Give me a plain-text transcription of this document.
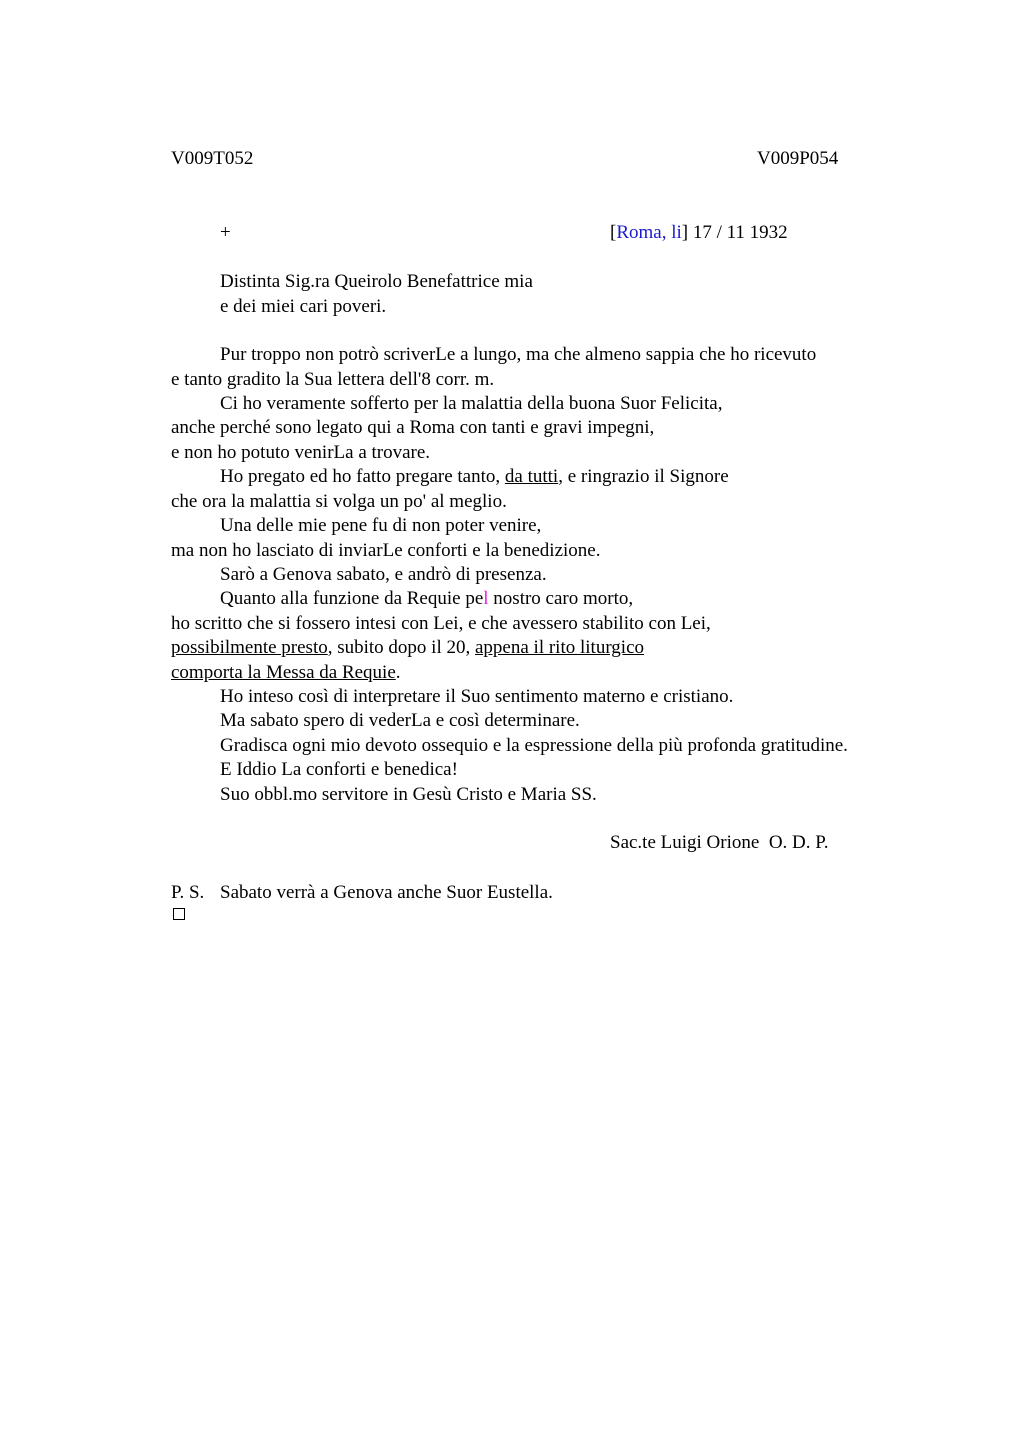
V009T052	V009P054
+	[Roma, li] 17 / 11 1932
Distinta Sig.ra Queirolo Benefattrice mia
e dei miei cari poveri.
Pur troppo non potrò scriverLe a lungo, ma che almeno sappia che ho ricevuto
e tanto gradito la Sua lettera dell'8 corr. m.
Ci ho veramente sofferto per la malattia della buona Suor Felicita,
anche perché sono legato qui a Roma con tanti e gravi impegni,
e non ho potuto venirLa a trovare.
Ho pregato ed ho fatto pregare tanto, da tutti, e ringrazio il Signore
che ora la malattia si volga un po' al meglio.
Una delle mie pene fu di non poter venire,
ma non ho lasciato di inviarLe conforti e la benedizione.
Sarò a Genova sabato, e andrò di presenza.
Quanto alla funzione da Requie pel nostro caro morto,
ho scritto che si fossero intesi con Lei, e che avessero stabilito con Lei,
possibilmente presto, subito dopo il 20, appena il rito liturgico
comporta la Messa da Requie.
Ho inteso così di interpretare il Suo sentimento materno e cristiano.
Ma sabato spero di vederLa e così determinare.
Gradisca ogni mio devoto ossequio e la espressione della più profonda gratitudine.
E Iddio La conforti e benedica!
Suo obbl.mo servitore in Gesù Cristo e Maria SS.
Sac.te Luigi Orione  O. D. P.
P. S. Sabato verrà a Genova anche Suor Eustella.
